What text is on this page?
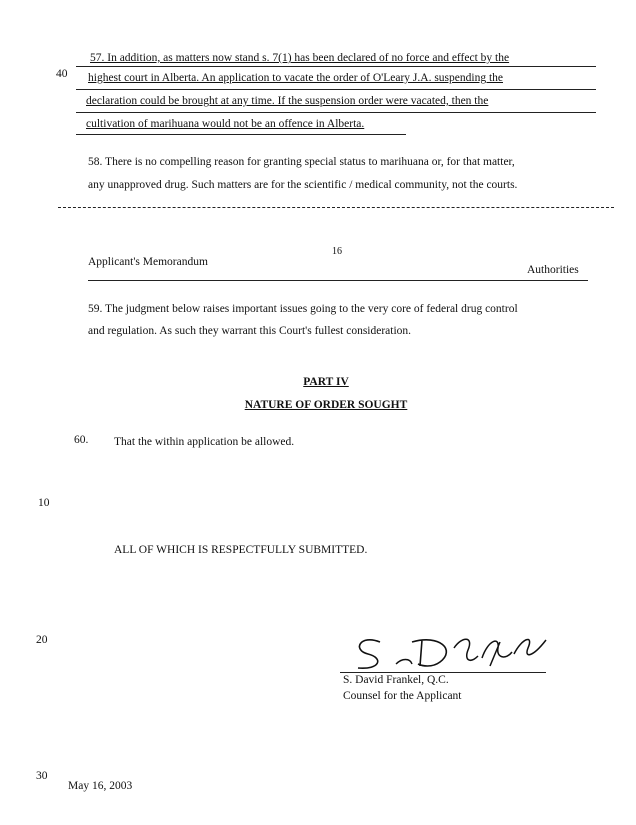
57. In addition, as matters now stand s. 7(1) has been declared of no force and effect by the
40 highest court in Alberta. An application to vacate the order of O'Leary J.A. suspending the
declaration could be brought at any time. If the suspension order were vacated, then the
cultivation of marihuana would not be an offence in Alberta.
58. There is no compelling reason for granting special status to marihuana or, for that matter,
any unapproved drug. Such matters are for the scientific / medical community, not the courts.
16
Applicant's Memorandum
Authorities
59. The judgment below raises important issues going to the very core of federal drug control
and regulation. As such they warrant this Court's fullest consideration.
PART IV
NATURE OF ORDER SOUGHT
60. That the within application be allowed.
10
ALL OF WHICH IS RESPECTFULLY SUBMITTED.
20
S. David Frankel, Q.C.
Counsel for the Applicant
30
May 16, 2003
